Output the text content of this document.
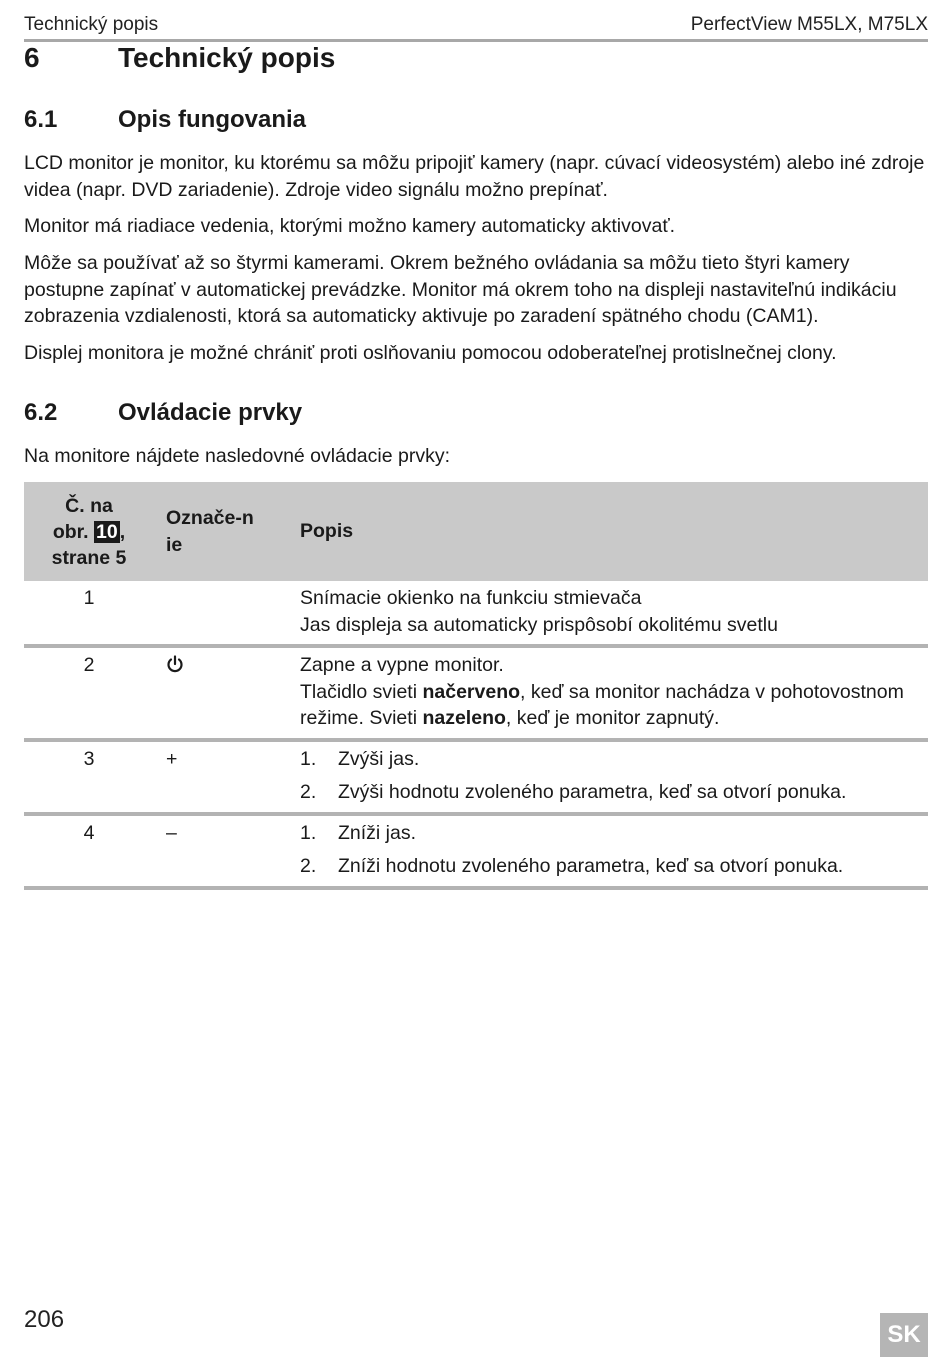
Technický popis	PerfectView M55LX, M75LX
6	Technický popis
6.1	Opis fungovania

LCD monitor je monitor, ku ktorému sa môžu pripojiť kamery (napr. cúvací videosystém) alebo iné zdroje videa (napr. DVD zariadenie). Zdroje video signálu možno prepínať.

Monitor má riadiace vedenia, ktorými možno kamery automaticky aktivovať.

Môže sa používať až so štyrmi kamerami. Okrem bežného ovládania sa môžu tieto štyri kamery postupne zapínať v automatickej prevádzke. Monitor má okrem toho na displeji nastaviteľnú indikáciu zobrazenia vzdialenosti, ktorá sa automaticky aktivuje po zaradení spätného chodu (CAM1).

Displej monitora je možné chrániť proti oslňovaniu pomocou odoberateľnej protislnečnej clony.

6.2	Ovládacie prvky

Na monitore nájdete nasledovné ovládacie prvky:

Č. na
obr. 10 ,
strane 5	Označe-nie	Popis
1		Snímacie okienko na funkciu stmievača
Jas displeja sa automaticky prispôsobí okolitému svetlu

2		Zapne a vypne monitor.
Tlačidlo svieti načerveno, keď sa monitor nachádza v pohotovostnom režime. Svieti nazeleno, keď je monitor zapnutý.

3	+	1. Zvýši jas.
2. Zvýši hodnotu zvoleného parametra, keď sa otvorí ponuka.

4	–	1. Zníži jas.
2. Zníži hodnotu zvoleného parametra, keď sa otvorí ponuka.
206
SK
